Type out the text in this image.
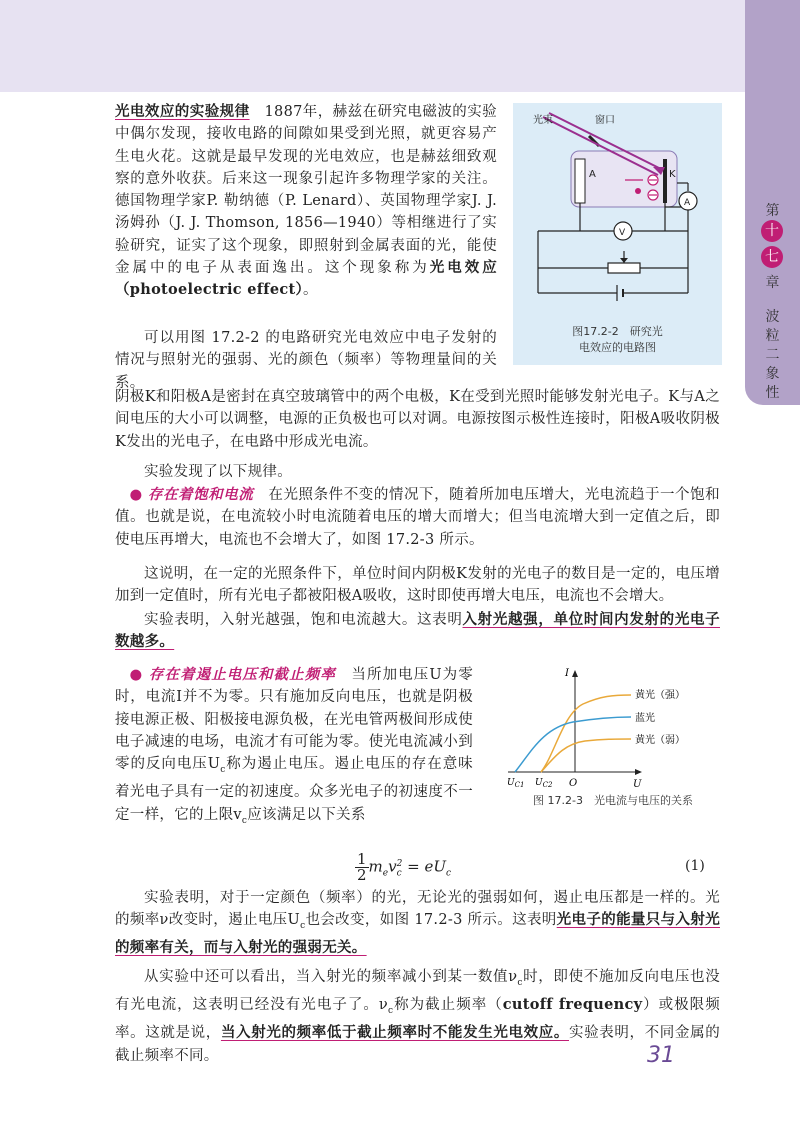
第
十
七
章
波
粒
二
象
性
光束	窗口
A	K
A
V
图17.2-2　研究光
电效应的电路图
光电效应的实验规律　1887年，赫兹在研究电磁波的实验中偶尔发现，接收电路的间隙如果受到光照，就更容易产生电火花。这就是最早发现的光电效应，也是赫兹细致观察的意外收获。后来这一现象引起许多物理学家的关注。德国物理学家P. 勒纳德（P. Lenard）、英国物理学家J. J. 汤姆孙（J. J. Thomson, 1856—1940）等相继进行了实验研究，证实了这个现象，即照射到金属表面的光，能使金属中的电子从表面逸出。这个现象称为光电效应（photoelectric effect）。
可以用图 17.2-2 的电路研究光电效应中电子发射的情况与照射光的强弱、光的颜色（频率）等物理量间的关系。
阴极K和阳极A是密封在真空玻璃管中的两个电极，K在受到光照时能够发射光电子。K与A之间电压的大小可以调整，电源的正负极也可以对调。电源按图示极性连接时，阳极A吸收阴极K发出的光电子，在电路中形成光电流。
实验发现了以下规律。
● 存在着饱和电流　在光照条件不变的情况下，随着所加电压增大，光电流趋于一个饱和值。也就是说，在电流较小时电流随着电压的增大而增大；但当电流增大到一定值之后，即使电压再增大，电流也不会增大了，如图 17.2-3 所示。
这说明，在一定的光照条件下，单位时间内阴极K发射的光电子的数目是一定的，电压增加到一定值时，所有光电子都被阳极A吸收，这时即使再增大电压，电流也不会增大。
实验表明，入射光越强，饱和电流越大。这表明入射光越强，单位时间内发射的光电子数越多。
I
U
O
$U_{C1}$ $U_{C2}$
黄光（强）
蓝光
黄光（弱）
图 17.2-3　光电流与电压的关系
● 存在着遏止电压和截止频率　当所加电压U为零时，电流I并不为零。只有施加反向电压，也就是阴极接电源正极、阳极接电源负极，在光电管两极间形成使电子减速的电场，电流才有可能为零。使光电流减小到零的反向电压$U_c$称为遏止电压。遏止电压的存在意味着光电子具有一定的初速度。众多光电子的初速度不一定一样，它的上限$v_c$应该满足以下关系
$\frac{1}{2} m_ev_c^2 = eU_c$	(1)
实验表明，对于一定颜色（频率）的光，无论光的强弱如何，遏止电压都是一样的。光的频率ν改变时，遏止电压$U_c$也会改变，如图 17.2-3 所示。这表明光电子的能量只与入射光的频率有关，而与入射光的强弱无关。
从实验中还可以看出，当入射光的频率减小到某一数值$\nu_c$时，即使不施加反向电压也没有光电流，这表明已经没有光电子了。$\nu_c$称为截止频率（cutoff frequency）或极限频率。这就是说，当入射光的频率低于截止频率时不能发生光电效应。实验表明，不同金属的截止频率不同。	31
